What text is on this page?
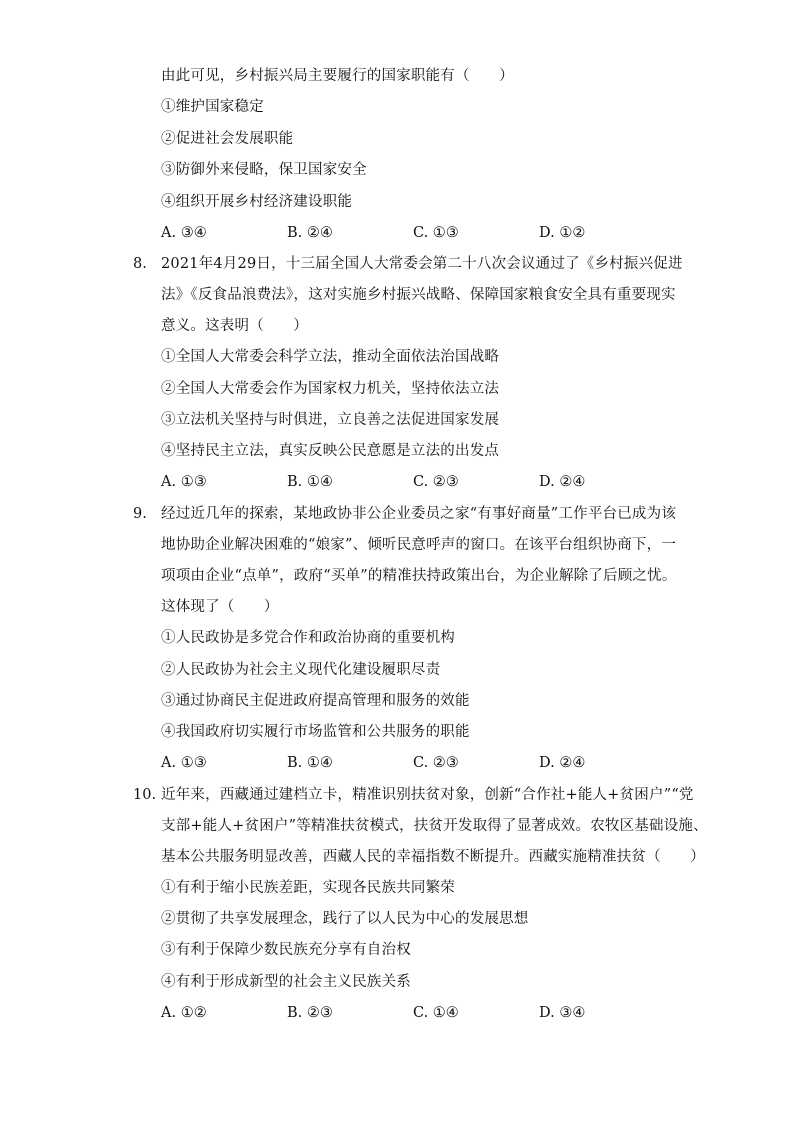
由此可见，乡村振兴局主要履行的国家职能有（　　）
①维护国家稳定
②促进社会发展职能
③防御外来侵略，保卫国家安全
④组织开展乡村经济建设职能
A. ③④	B. ②④	C. ①③	D. ①②
8. 2021年4月29日，十三届全国人大常委会第二十八次会议通过了《乡村振兴促进
法》《反食品浪费法》，这对实施乡村振兴战略、保障国家粮食安全具有重要现实
意义。这表明（　　）
①全国人大常委会科学立法，推动全面依法治国战略
②全国人大常委会作为国家权力机关，坚持依法立法
③立法机关坚持与时俱进，立良善之法促进国家发展
④坚持民主立法，真实反映公民意愿是立法的出发点
A. ①③	B. ①④	C. ②③	D. ②④
9. 经过近几年的探索，某地政协非公企业委员之家“有事好商量”工作平台已成为该
地协助企业解决困难的“娘家”、倾听民意呼声的窗口。在该平台组织协商下，一
项项由企业“点单”，政府“买单”的精准扶持政策出台，为企业解除了后顾之忧。
这体现了（　　）
①人民政协是多党合作和政治协商的重要机构
②人民政协为社会主义现代化建设履职尽责
③通过协商民主促进政府提高管理和服务的效能
④我国政府切实履行市场监管和公共服务的职能
A. ①③	B. ①④	C. ②③	D. ②④
10. 近年来，西藏通过建档立卡，精准识别扶贫对象，创新“合作社+能人+贫困户”“党
支部+能人+贫困户”等精准扶贫模式，扶贫开发取得了显著成效。农牧区基础设施、
基本公共服务明显改善，西藏人民的幸福指数不断提升。西藏实施精准扶贫（　　）
①有利于缩小民族差距，实现各民族共同繁荣
②贯彻了共享发展理念，践行了以人民为中心的发展思想
③有利于保障少数民族充分享有自治权
④有利于形成新型的社会主义民族关系
A. ①②	B. ②③	C. ①④	D. ③④
